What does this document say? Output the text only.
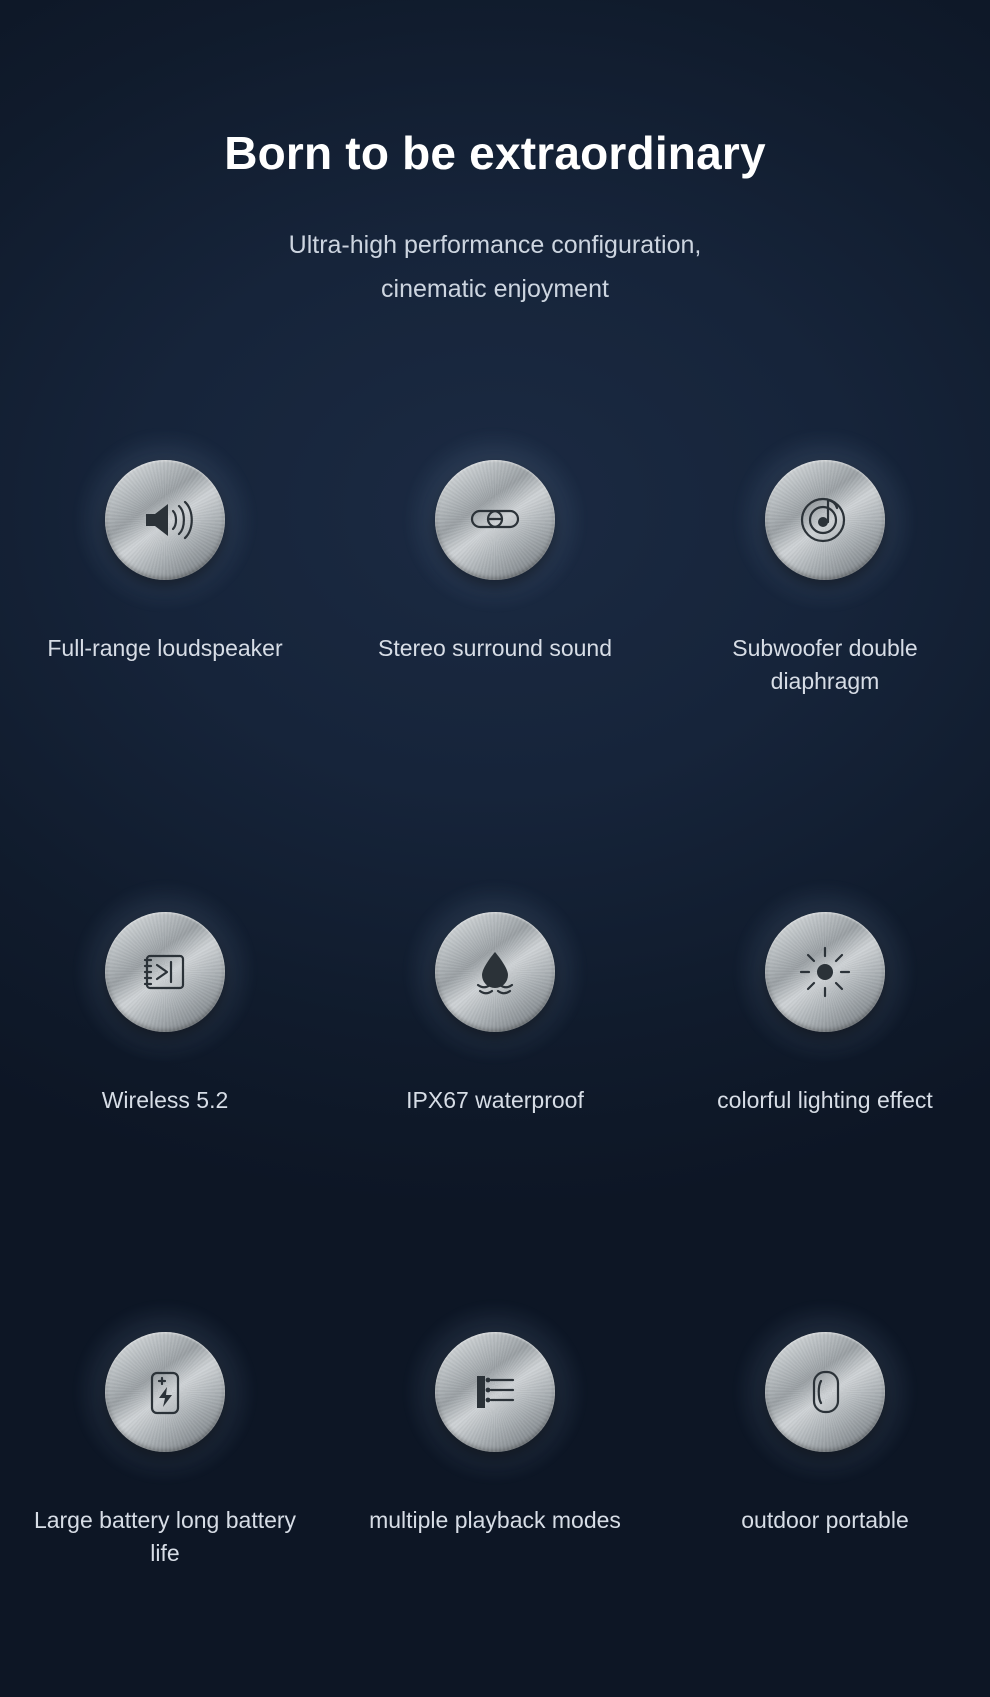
Born to be extraordinary

Ultra-high performance configuration,
cinematic enjoyment

Full-range loudspeaker	Stereo surround sound	Subwoofer double diaphragm
Wireless 5.2	IPX67 waterproof	colorful lighting effect
Large battery long battery life
multiple playback modes	outdoor portable
